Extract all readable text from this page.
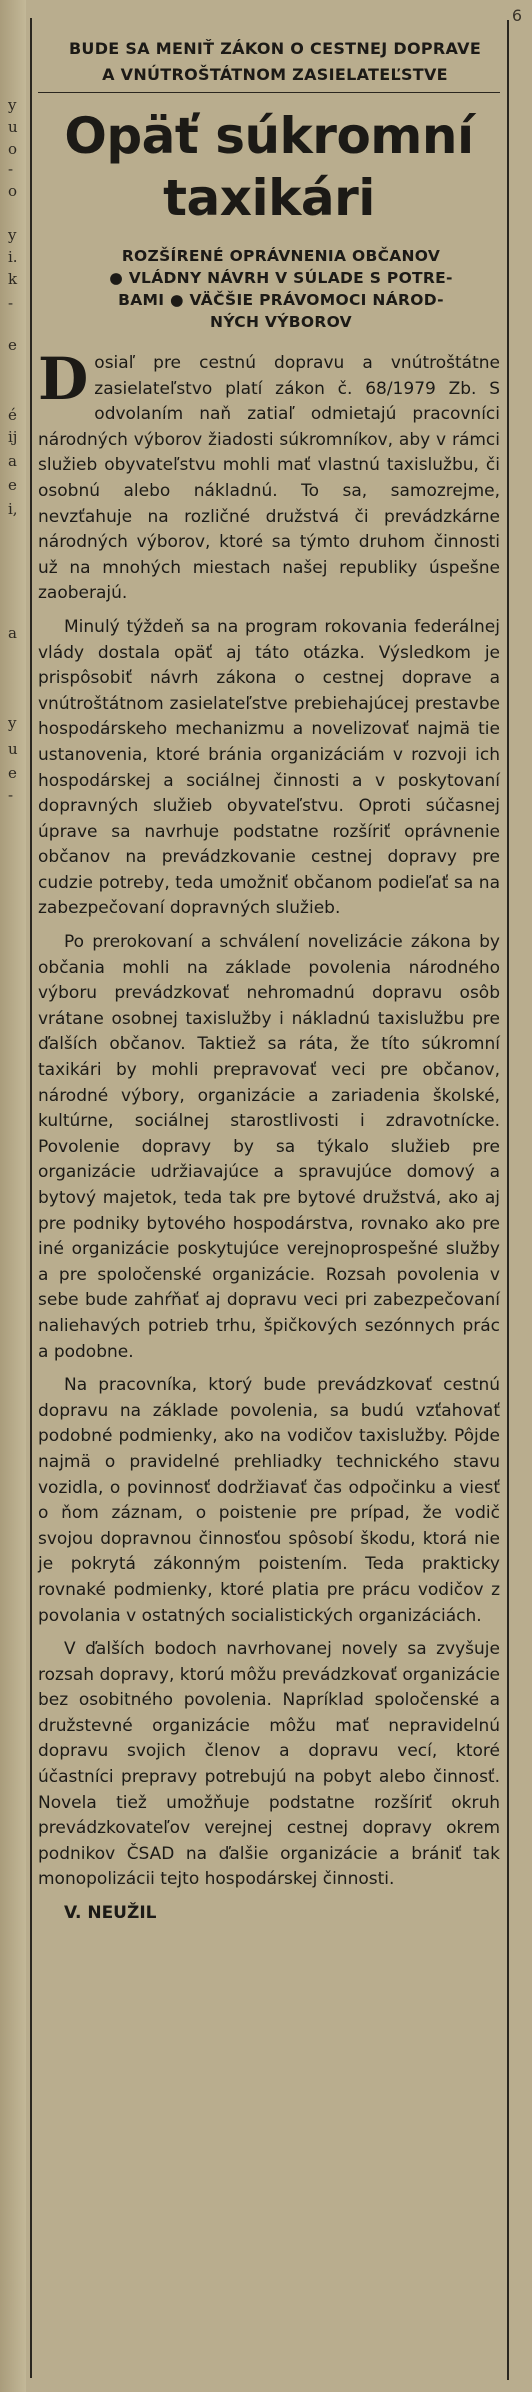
y
u
o
-
o
y
i.
k
-
e
é
ij
a
e
i,
a
y
u
e
-
6
BUDE SA MENIŤ ZÁKON O CESTNEJ DOPRAVE
A VNÚTROŠTÁTNOM ZASIELATEĽSTVE
Opäť súkromní
taxikári
ROZŠÍRENÉ OPRÁVNENIA OBČANOV
● VLÁDNY NÁVRH V SÚLADE S POTRE-
BAMI ● VÄČŠIE PRÁVOMOCI NÁROD-
NÝCH VÝBOROV

Dosiaľ pre cestnú dopravu a vnútroštátne zasielateľstvo platí zákon č. 68/1979 Zb. S odvolaním naň zatiaľ odmietajú pracovníci národných výborov žiadosti súkromníkov, aby v rámci služieb obyvateľstvu mohli mať vlastnú taxislužbu, či osobnú alebo nákladnú. To sa, samozrejme, nevzťahuje na rozličné družstvá či prevádzkárne národných výborov, ktoré sa týmto druhom činnosti už na mnohých miestach našej republiky úspešne zaoberajú.

Minulý týždeň sa na program rokovania federálnej vlády dostala opäť aj táto otázka. Výsledkom je prispôsobiť návrh zákona o cestnej doprave a vnútroštátnom zasielateľstve prebiehajúcej prestavbe hospodárskeho mechanizmu a novelizovať najmä tie ustanovenia, ktoré bránia organizáciám v rozvoji ich hospodárskej a sociálnej činnosti a v poskytovaní dopravných služieb obyvateľstvu. Oproti súčasnej úprave sa navrhuje podstatne rozšíriť oprávnenie občanov na prevádzkovanie cestnej dopravy pre cudzie potreby, teda umožniť občanom podieľať sa na zabezpečovaní dopravných služieb.

Po prerokovaní a schválení novelizácie zákona by občania mohli na základe povolenia národného výboru prevádzkovať nehromadnú dopravu osôb vrátane osobnej taxislužby i nákladnú taxislužbu pre ďalších občanov. Taktiež sa ráta, že títo súkromní taxikári by mohli prepravovať veci pre občanov, národné výbory, organizácie a zariadenia školské, kultúrne, sociálnej starostlivosti i zdravotnícke. Povolenie dopravy by sa týkalo služieb pre organizácie udržiavajúce a spravujúce domový a bytový majetok, teda tak pre bytové družstvá, ako aj pre podniky bytového hospodárstva, rovnako ako pre iné organizácie poskytujúce verejnoprospešné služby a pre spoločenské organizácie. Rozsah povolenia v sebe bude zahŕňať aj dopravu veci pri zabezpečovaní naliehavých potrieb trhu, špičkových sezónnych prác a podobne.

Na pracovníka, ktorý bude prevádzkovať cestnú dopravu na základe povolenia, sa budú vzťahovať podobné podmienky, ako na vodičov taxislužby. Pôjde najmä o pravidelné prehliadky technického stavu vozidla, o povinnosť dodržiavať čas odpočinku a viesť o ňom záznam, o poistenie pre prípad, že vodič svojou dopravnou činnosťou spôsobí škodu, ktorá nie je pokrytá zákonným poistením. Teda prakticky rovnaké podmienky, ktoré platia pre prácu vodičov z povolania v ostatných socialistických organizáciách.

V ďalších bodoch navrhovanej novely sa zvyšuje rozsah dopravy, ktorú môžu prevádzkovať organizácie bez osobitného povolenia. Napríklad spoločenské a družstevné organizácie môžu mať nepravidelnú dopravu svojich členov a dopravu vecí, ktoré účastníci prepravy potrebujú na pobyt alebo činnosť. Novela tiež umožňuje podstatne rozšíriť okruh prevádzkovateľov verejnej cestnej dopravy okrem podnikov ČSAD na ďalšie organizácie a brániť tak monopolizácii tejto hospodárskej činnosti.

V. NEUŽIL
